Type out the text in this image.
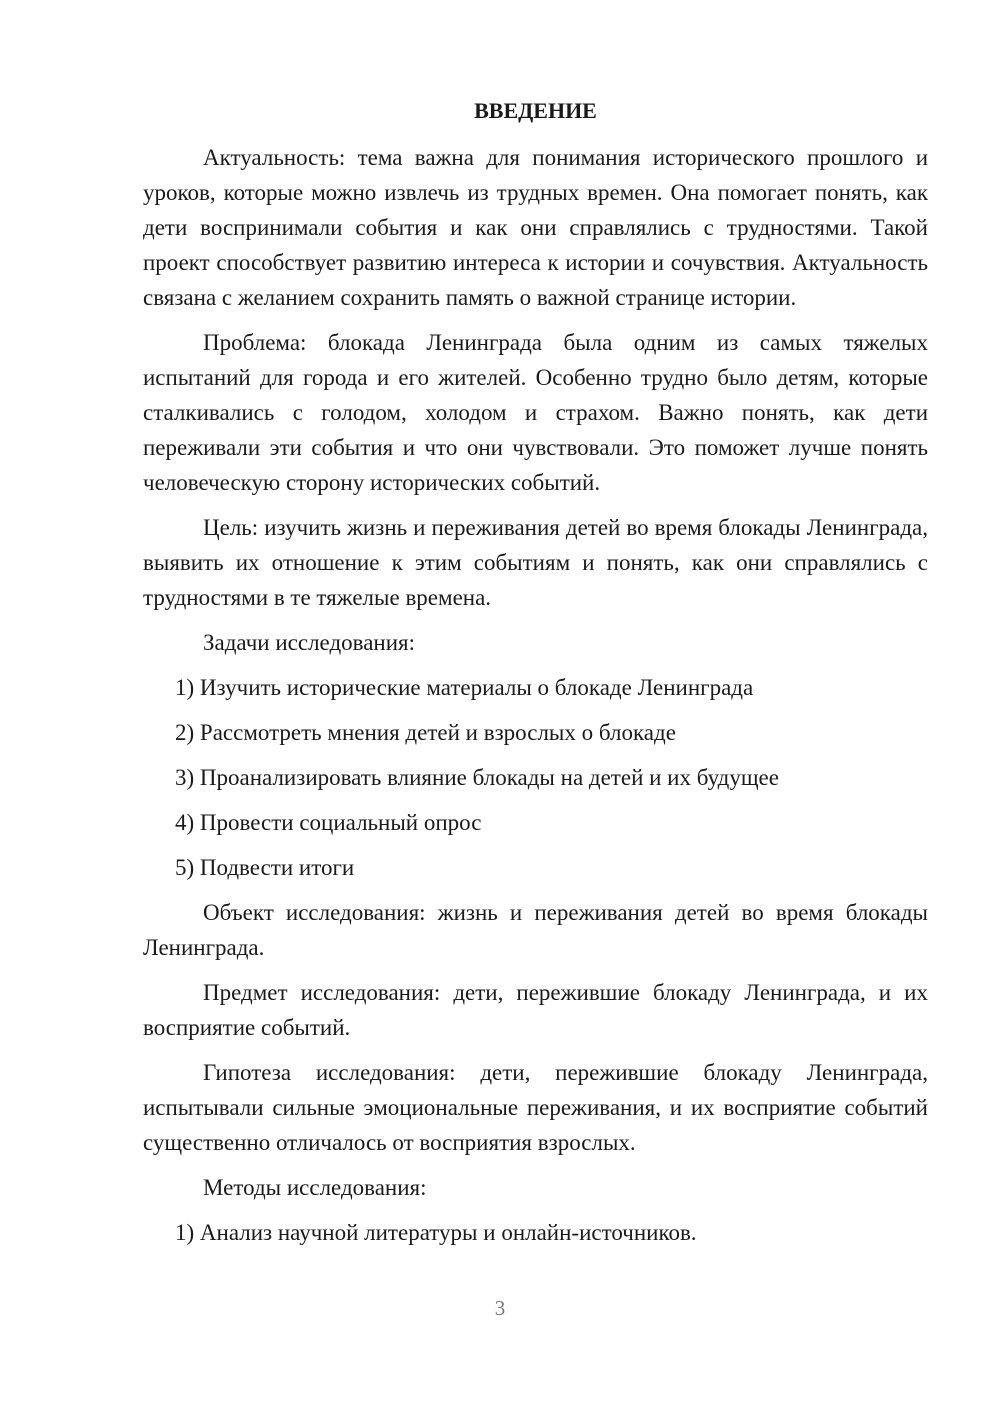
ВВЕДЕНИЕ

Актуальность: тема важна для понимания исторического прошлого и уроков, которые можно извлечь из трудных времен. Она помогает понять, как дети воспринимали события и как они справлялись с трудностями. Такой проект способствует развитию интереса к истории и сочувствия. Актуальность связана с желанием сохранить память о важной странице истории.

Проблема: блокада Ленинграда была одним из самых тяжелых испытаний для города и его жителей. Особенно трудно было детям, которые сталкивались с голодом, холодом и страхом. Важно понять, как дети переживали эти события и что они чувствовали. Это поможет лучше понять человеческую сторону исторических событий.

Цель: изучить жизнь и переживания детей во время блокады Ленинграда, выявить их отношение к этим событиям и понять, как они справлялись с трудностями в те тяжелые времена.

Задачи исследования:

1) Изучить исторические материалы о блокаде Ленинграда
2) Рассмотреть мнения детей и взрослых о блокаде
3) Проанализировать влияние блокады на детей и их будущее
4) Провести социальный опрос
5) Подвести итоги

Объект исследования: жизнь и переживания детей во время блокады Ленинграда.

Предмет исследования: дети, пережившие блокаду Ленинграда, и их восприятие событий.

Гипотеза исследования: дети, пережившие блокаду Ленинграда, испытывали сильные эмоциональные переживания, и их восприятие событий существенно отличалось от восприятия взрослых.

Методы исследования:

1) Анализ научной литературы и онлайн-источников.
3
